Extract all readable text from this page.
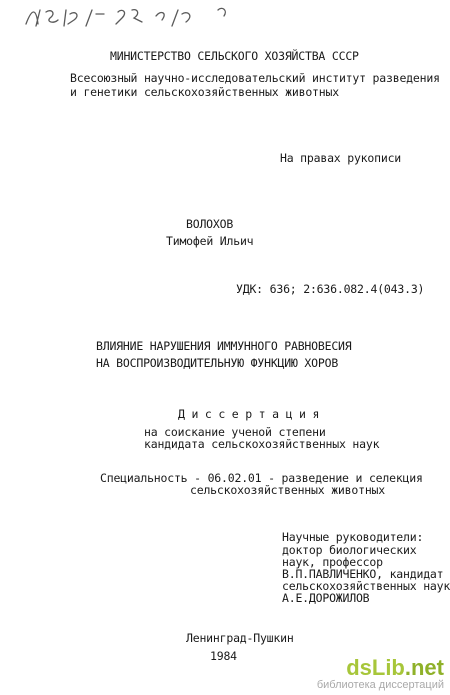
МИНИСТЕРСТВО СЕЛЬСКОГО ХОЗЯЙСТВА СССР
Всесоюзный научно-исследовательский институт разведения
и генетики сельскохозяйственных животных
На правах рукописи
ВОЛОХОВ
Тимофей Ильич
УДК: 636; 2:636.082.4(043.3)
ВЛИЯНИЕ НАРУШЕНИЯ ИММУННОГО РАВНОВЕСИЯ
НА ВОСПРОИЗВОДИТЕЛЬНУЮ ФУНКЦИЮ ХОРОВ
Д и с с е р т а ц и я
на соискание ученой степени
кандидата сельскохозяйственных наук
Специальность - 06.02.01 - разведение и селекция
сельскохозяйственных животных
Научные руководители:
доктор биологических
наук, профессор
В.П.ПАВЛИЧЕНКО, кандидат
сельскохозяйственных наук
А.Е.ДОРОЖИЛОВ
Ленинград-Пушкин
1984	dsLib.net
библиотека диссертаций
